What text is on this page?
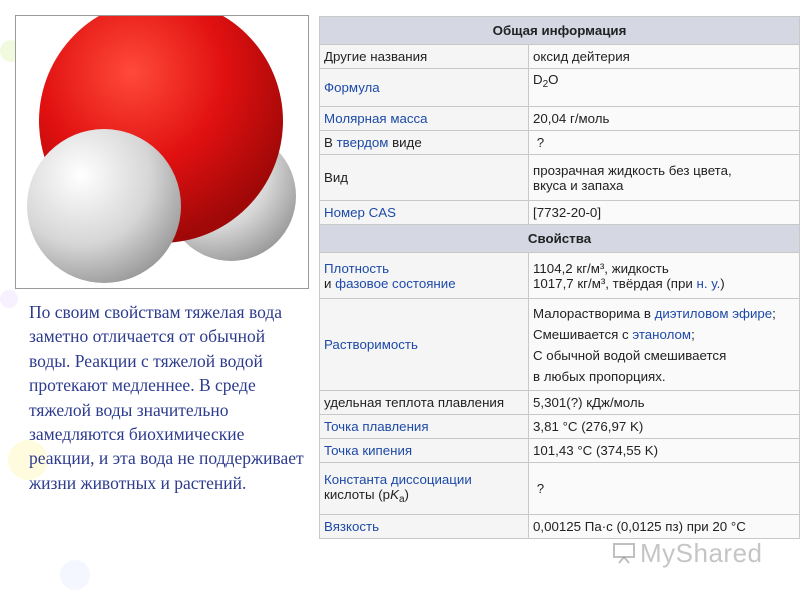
По своим свойствам тяжелая вода заметно отличается от обычной воды. Реакции с тяжелой водой протекают медленнее. В среде тяжелой воды значительно замедляются биохимические реакции, и эта вода не поддерживает жизни животных и растений.
Общая информация	
Другие названия	оксид дейтерия
Формула	$D_2O$
Молярная масса	20,04 г/моль
В твердом виде	?
Вид	прозрачная жидкость без цвета,
вкуса и запаха
Номер CAS	[7732-20-0]
Свойства	
Плотность
и фазовое состояние	1104,2 кг/м³, жидкость
1017,7 кг/м³, твёрдая (при н. у.)
Растворимость	Малорастворима в диэтиловом эфире;
Смешивается с этанолом;
С обычной водой смешивается
в любых пропорциях.
удельная теплота плавления	5,301(?) кДж/моль
Точка плавления	3,81 °C (276,97 K)
Точка кипения	101,43 °C (374,55 K)
Константа диссоциации
кислоты $(pK_a)$	?
Вязкость	0,00125 Па·с (0,0125 пз) при 20 °C
MyShared
